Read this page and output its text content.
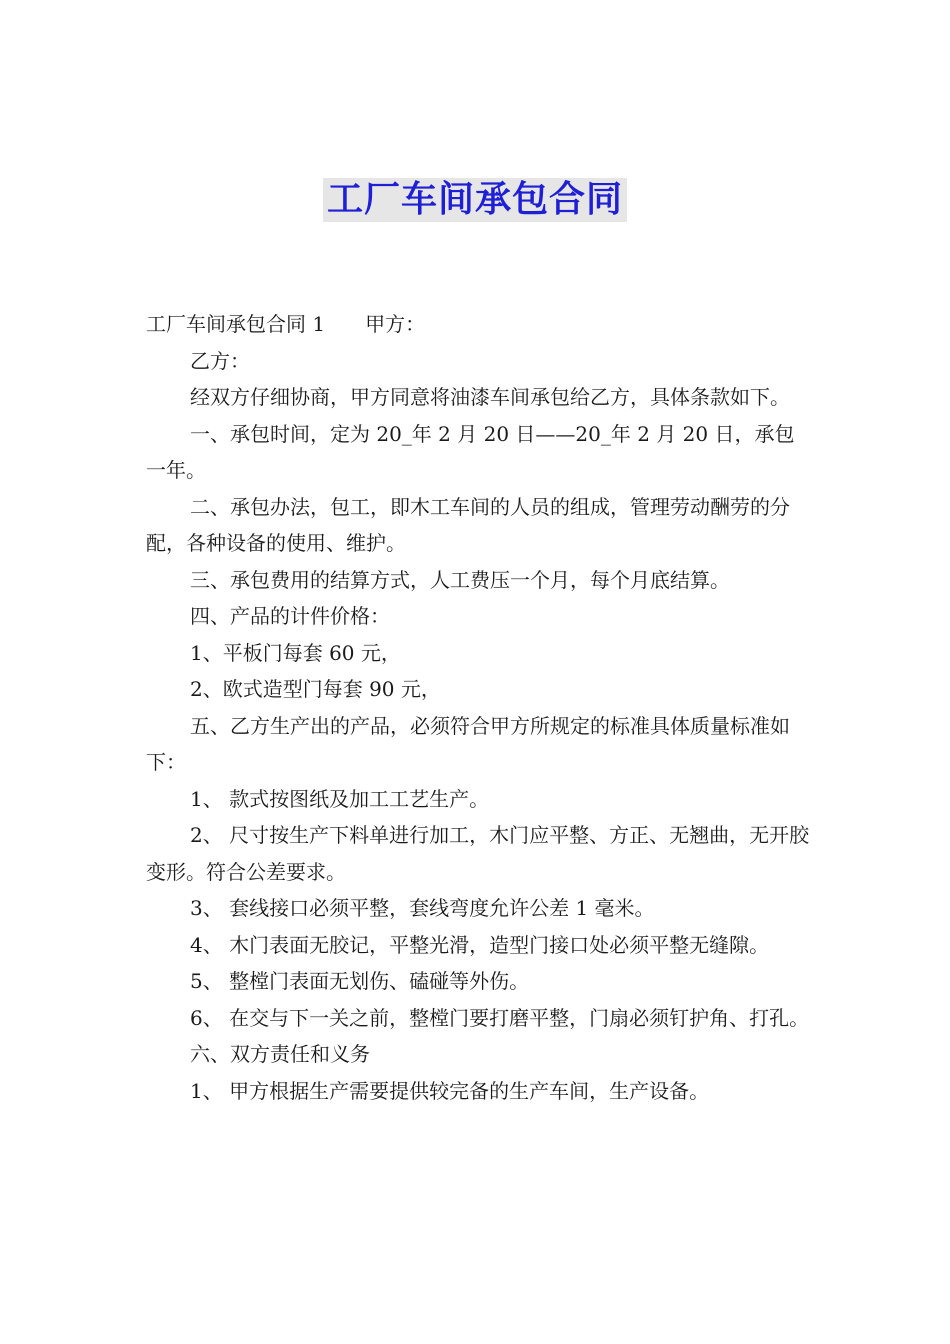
工厂车间承包合同

工厂车间承包合同 1 甲方：

乙方：

经双方仔细协商，甲方同意将油漆车间承包给乙方，具体条款如下。

一、承包时间，定为 20_年 2 月 20 日——20_年 2 月 20 日，承包一年。

二、承包办法，包工，即木工车间的人员的组成，管理劳动酬劳的分配，各种设备的使用、维护。

三、承包费用的结算方式，人工费压一个月，每个月底结算。

四、产品的计件价格：

1、平板门每套 60 元，

2、欧式造型门每套 90 元，

五、乙方生产出的产品，必须符合甲方所规定的标准具体质量标准如下：

1、 款式按图纸及加工工艺生产。

2、 尺寸按生产下料单进行加工，木门应平整、方正、无翘曲，无开胶变形。符合公差要求。

3、 套线接口必须平整，套线弯度允许公差 1 毫米。

4、 木门表面无胶记，平整光滑，造型门接口处必须平整无缝隙。

5、 整樘门表面无划伤、磕碰等外伤。

6、 在交与下一关之前，整樘门要打磨平整，门扇必须钉护角、打孔。

六、双方责任和义务

1、 甲方根据生产需要提供较完备的生产车间，生产设备。
